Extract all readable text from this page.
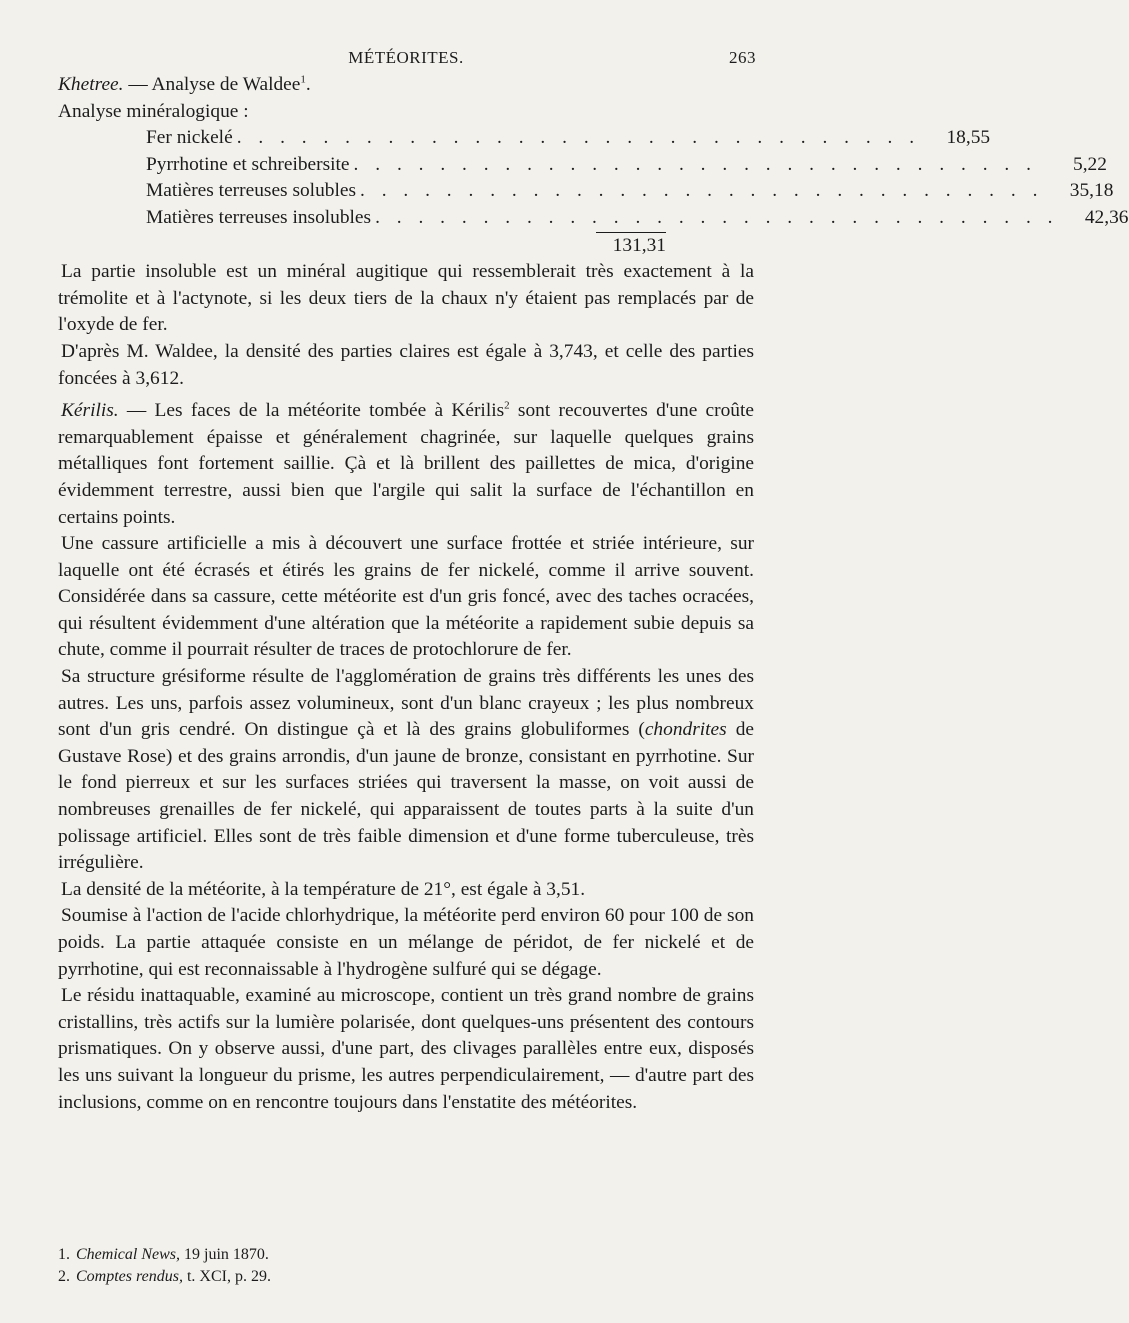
MÉTÉORITES.	263

Khetree. — Analyse de Waldee$^1$.

Analyse minéralogique :

Fer nickelé . . . . . . . . . . . . . . . . . . . . . . . . . . . . . . . .	18,55
Pyrrhotine et schreibersite . . . . . . . . . . . . . . . . . . . . . . . . . . . . . . . .	5,22
Matières terreuses solubles . . . . . . . . . . . . . . . . . . . . . . . . . . . . . . . .	35,18
Matières terreuses insolubles . . . . . . . . . . . . . . . . . . . . . . . . . . . . . . . .	42,36
131,31

La partie insoluble est un minéral augitique qui ressemblerait très exactement à la trémolite et à l'actynote, si les deux tiers de la chaux n'y étaient pas remplacés par de l'oxyde de fer.

D'après M. Waldee, la densité des parties claires est égale à 3,743, et celle des parties foncées à 3,612.

Kérilis. — Les faces de la météorite tombée à Kérilis$^2$ sont recouvertes d'une croûte remarquablement épaisse et généralement chagrinée, sur laquelle quelques grains métalliques font fortement saillie. Çà et là brillent des paillettes de mica, d'origine évidemment terrestre, aussi bien que l'argile qui salit la surface de l'échantillon en certains points.

Une cassure artificielle a mis à découvert une surface frottée et striée intérieure, sur laquelle ont été écrasés et étirés les grains de fer nickelé, comme il arrive souvent. Considérée dans sa cassure, cette météorite est d'un gris foncé, avec des taches ocracées, qui résultent évidemment d'une altération que la météorite a rapidement subie depuis sa chute, comme il pourrait résulter de traces de protochlorure de fer.

Sa structure grésiforme résulte de l'agglomération de grains très différents les unes des autres. Les uns, parfois assez volumineux, sont d'un blanc crayeux ; les plus nombreux sont d'un gris cendré. On distingue çà et là des grains globuliformes (chondrites de Gustave Rose) et des grains arrondis, d'un jaune de bronze, consistant en pyrrhotine. Sur le fond pierreux et sur les surfaces striées qui traversent la masse, on voit aussi de nombreuses grenailles de fer nickelé, qui apparaissent de toutes parts à la suite d'un polissage artificiel. Elles sont de très faible dimension et d'une forme tuberculeuse, très irrégulière.

La densité de la météorite, à la température de 21°, est égale à 3,51.

Soumise à l'action de l'acide chlorhydrique, la météorite perd environ 60 pour 100 de son poids. La partie attaquée consiste en un mélange de péridot, de fer nickelé et de pyrrhotine, qui est reconnaissable à l'hydrogène sulfuré qui se dégage.

Le résidu inattaquable, examiné au microscope, contient un très grand nombre de grains cristallins, très actifs sur la lumière polarisée, dont quelques-uns présentent des contours prismatiques. On y observe aussi, d'une part, des clivages parallèles entre eux, disposés les uns suivant la longueur du prisme, les autres perpendiculairement, — d'autre part des inclusions, comme on en rencontre toujours dans l'enstatite des météorites.

1. Chemical News, 19 juin 1870.
2. Comptes rendus, t. XCI, p. 29.
